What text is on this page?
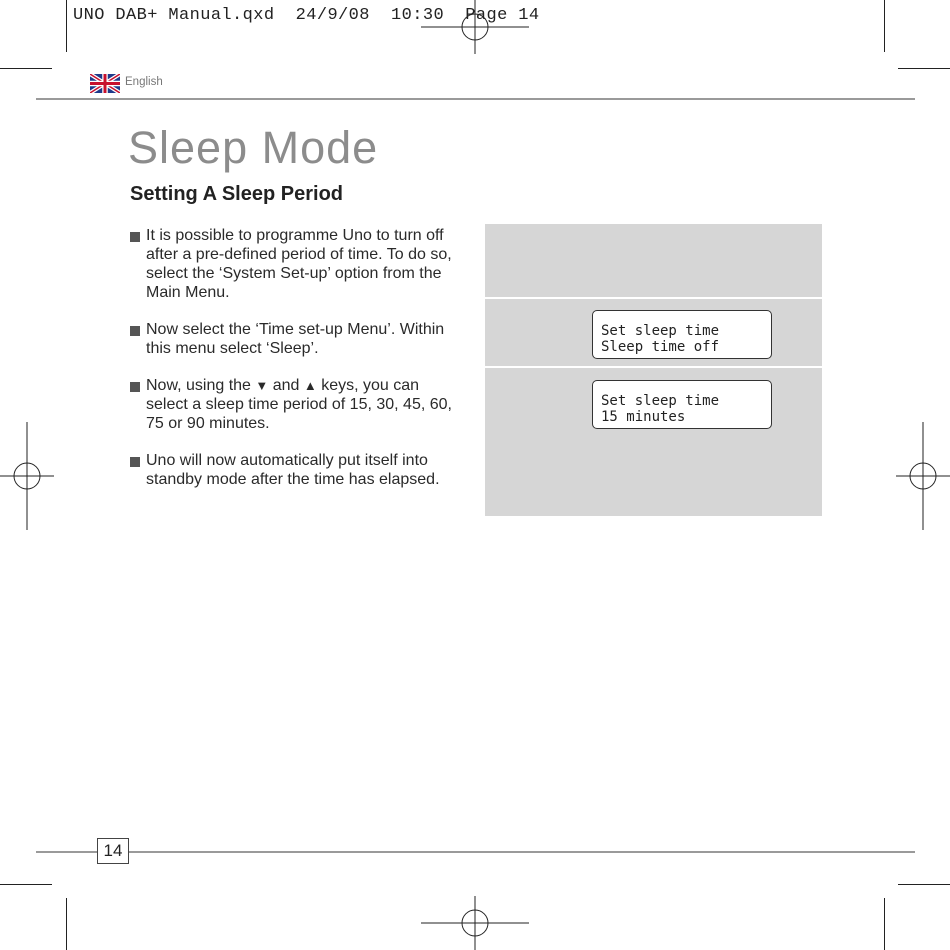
UNO DAB+ Manual.qxd  24/9/08  10:30  Page 14
English
Sleep Mode
Setting A Sleep Period
It is possible to programme Uno to turn off after a pre-defined period of time. To do so, select the ‘System Set-up’ option from the Main Menu.
Now select the ‘Time set-up Menu’. Within this menu select ‘Sleep’.
Now, using the ▼ and ▲ keys, you can select a sleep time period of 15, 30, 45, 60, 75 or 90 minutes.
Uno will now automatically put itself into standby mode after the time has elapsed.
Set sleep time
Sleep time off
Set sleep time
15 minutes
14
